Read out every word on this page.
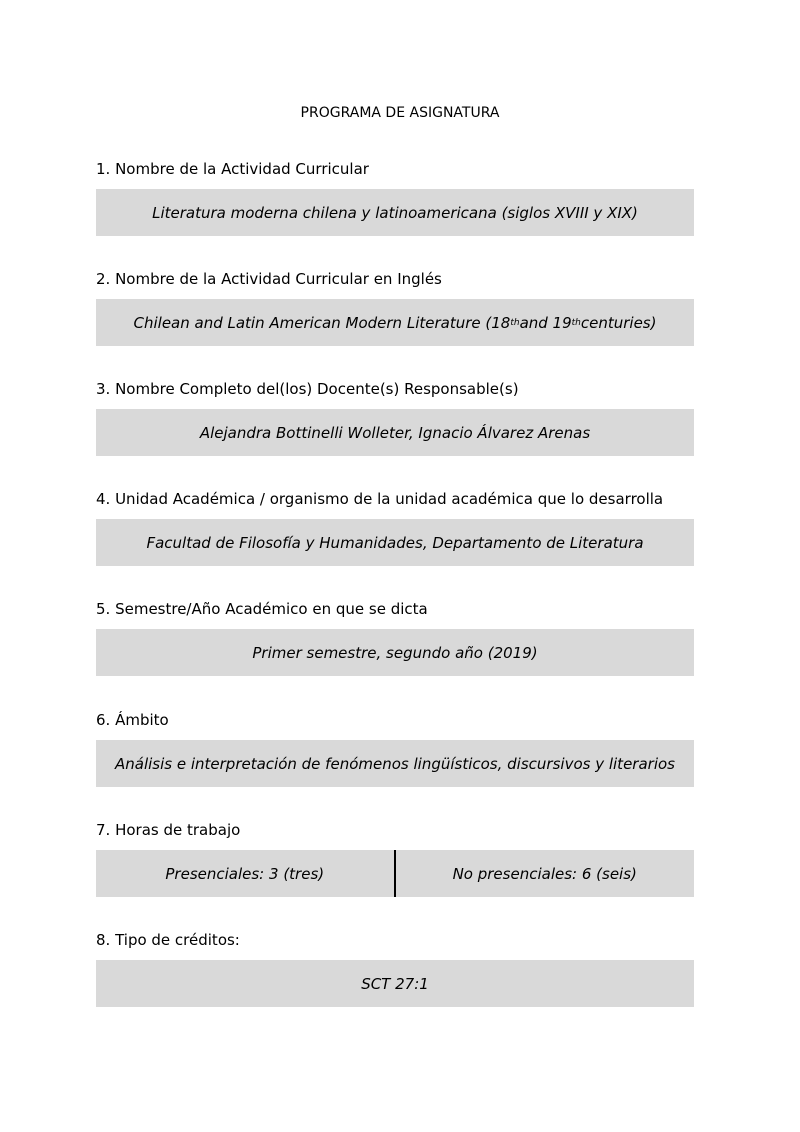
PROGRAMA DE ASIGNATURA
1. Nombre de la Actividad Curricular
Literatura moderna chilena y latinoamericana (siglos XVIII y XIX)
2. Nombre de la Actividad Curricular en Inglés
Chilean and Latin American Modern Literature (18 th and 19 th centuries)
3. Nombre Completo del(los) Docente(s) Responsable(s)
Alejandra Bottinelli Wolleter, Ignacio Álvarez Arenas
4. Unidad Académica / organismo de la unidad académica que lo desarrolla
Facultad de Filosofía y Humanidades, Departamento de Literatura
5. Semestre/Año Académico en que se dicta
Primer semestre, segundo año (2019)
6. Ámbito
Análisis e interpretación de fenómenos lingüísticos, discursivos y literarios
7. Horas de trabajo
Presenciales: 3 (tres)	No presenciales: 6 (seis)
8. Tipo de créditos:
SCT 27:1
